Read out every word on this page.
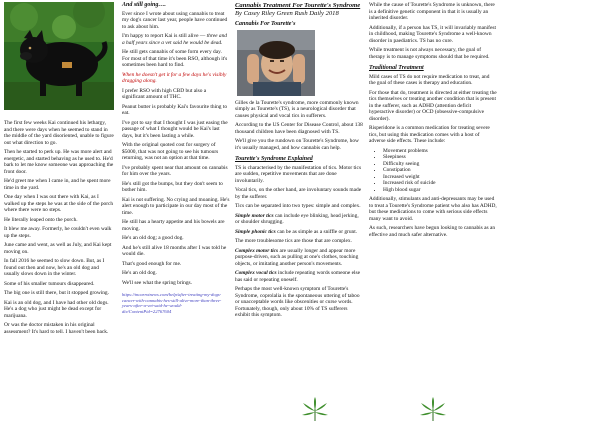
The first few weeks Kai continued his lethargy, and there were days when he seemed to stand in the middle of the yard disoriented, unable to figure out what direction to go.

Then he started to perk up. He was more alert and energetic, and started behaving as he used to. He'd bark to let me know someone was approaching the front door.

He'd greet me when I came in, and he spent more time in the yard.

One day when I was out there with Kai, as I walked up the steps he was at the side of the porch where there were no steps.

He literally leaped onto the porch.

It blew me away. Formerly, he couldn't even walk up the steps.

June came and went, as well as July, and Kai kept moving on.

In fall 2016 he seemed to slow down. But, as I found out then and now, he's an old dog and usually slows down in the winter.

Some of his smaller tumours disappeared.

The big one is still there, but it stopped growing.

Kai is an old dog, and I have had other old dogs. He's a dog who just might be dead except for marijuana.

Or was the doctor mistaken in his original assessment? It's hard to tell. I haven't been back.

And still going….

Ever since I wrote about using cannabis to treat my dog's cancer last year, people have continued to ask about him.

I'm happy to report Kai is still alive — three and a half years since a vet said he would be dead.

He still gets cannabis of some form every day. For most of that time it's been RSO, although it's sometimes been hard to find.

When he doesn't get it for a few days he's visibly dragging along.

I prefer RSO with high CBD but also a significant amount of THC.

Peanut butter is probably Kai's favourite thing to eat.

I've got to say that I thought I was just easing the passage of what I thought would be Kai's last days, but it's been lasting a while.

With the original quoted cost for surgery of $5000, that was not going to see his tumours returning, was not an option at that time.

I've probably spent near that amount on cannabis for him over the years.

He's still got the bumps, but they don't seem to bother him.

Kai is not suffering. No crying and moaning. He's alert enough to participate in our day most of the time.

He still has a hearty appetite and his bowels are moving.

He's an old dog; a good dog.

And he's still alive 18 months after I was told he would die.

That's good enough for me.

He's an old dog.

We'll see what the spring brings.

https://mcarrotnews.com/help/after-treating-my-dogs-cancer-with-cannabis-hes-still-alive-more-than-three-years-after-a-vet-said-he-would-die/ContentPid=22767604
Cannabis Treatment For Tourette's Syndrome By Casey Riley Green Rush Daily 2018
Cannabis For Tourette's

Gilles de la Tourette's syndrome, more commonly known simply as Tourette's (TS), is a neurological disorder that causes physical and vocal tics in sufferers.

According to the US Center for Disease Control, about 138 thousand children have been diagnosed with TS.

We'll give you the rundown on Tourette's Syndrome, how it's usually managed, and how cannabis can help.

Tourette's Syndrome Explained

TS is characterised by the manifestation of tics. Motor tics are sudden, repetitive movements that are done involuntarily.

Vocal tics, on the other hand, are involuntary sounds made by the sufferer.

Tics can be separated into two types: simple and complex.

Simple motor tics can include eye blinking, head jerking, or shoulder shrugging.

Simple phonic tics can be as simple as a sniffle or grunt.

The more troublesome tics are those that are complex.

Complex motor tics are usually longer and appear more purpose-driven, such as pulling at one's clothes, touching objects, or imitating another person's movements.

Complex vocal tics include repeating words someone else has said or repeating oneself.

Perhaps the most well-known symptom of Tourette's Syndrome, coprolalia is the spontaneous uttering of taboo or unacceptable words like obscenities or curse words. Fortunately, though, only about 10% of TS sufferers exhibit this symptom.

While the cause of Tourette's Syndrome is unknown, there is a definitive genetic component in that it is usually an inherited disorder.

Additionally, if a person has TS, it will invariably manifest in childhood, making Tourette's Syndrome a well-known disorder in paediatrics. TS has no cure.

While treatment is not always necessary, the goal of therapy is to manage symptoms should that be required.

Traditional Treatment

Mild cases of TS do not require medication to treat, and the goal of these cases is therapy and education.

For those that do, treatment is directed at either treating the tics themselves or treating another condition that is present in the sufferer, such as ADHD (attention deficit hyperactive disorder) or OCD (obsessive-compulsive disorder).

Risperidone is a common medication for treating severe tics, but using this medication comes with a host of adverse side effects. These include:

• Movement problems
• Sleepiness
• Difficulty seeing
• Constipation
• Increased weight
• Increased risk of suicide
• High blood sugar

Additionally, stimulants and anti-depressants may be used to treat a Tourette's Syndrome patient who also has ADHD, but these medications to come with serious side effects many want to avoid.

As such, researchers have begun looking to cannabis as an effective and much safer alternative.
